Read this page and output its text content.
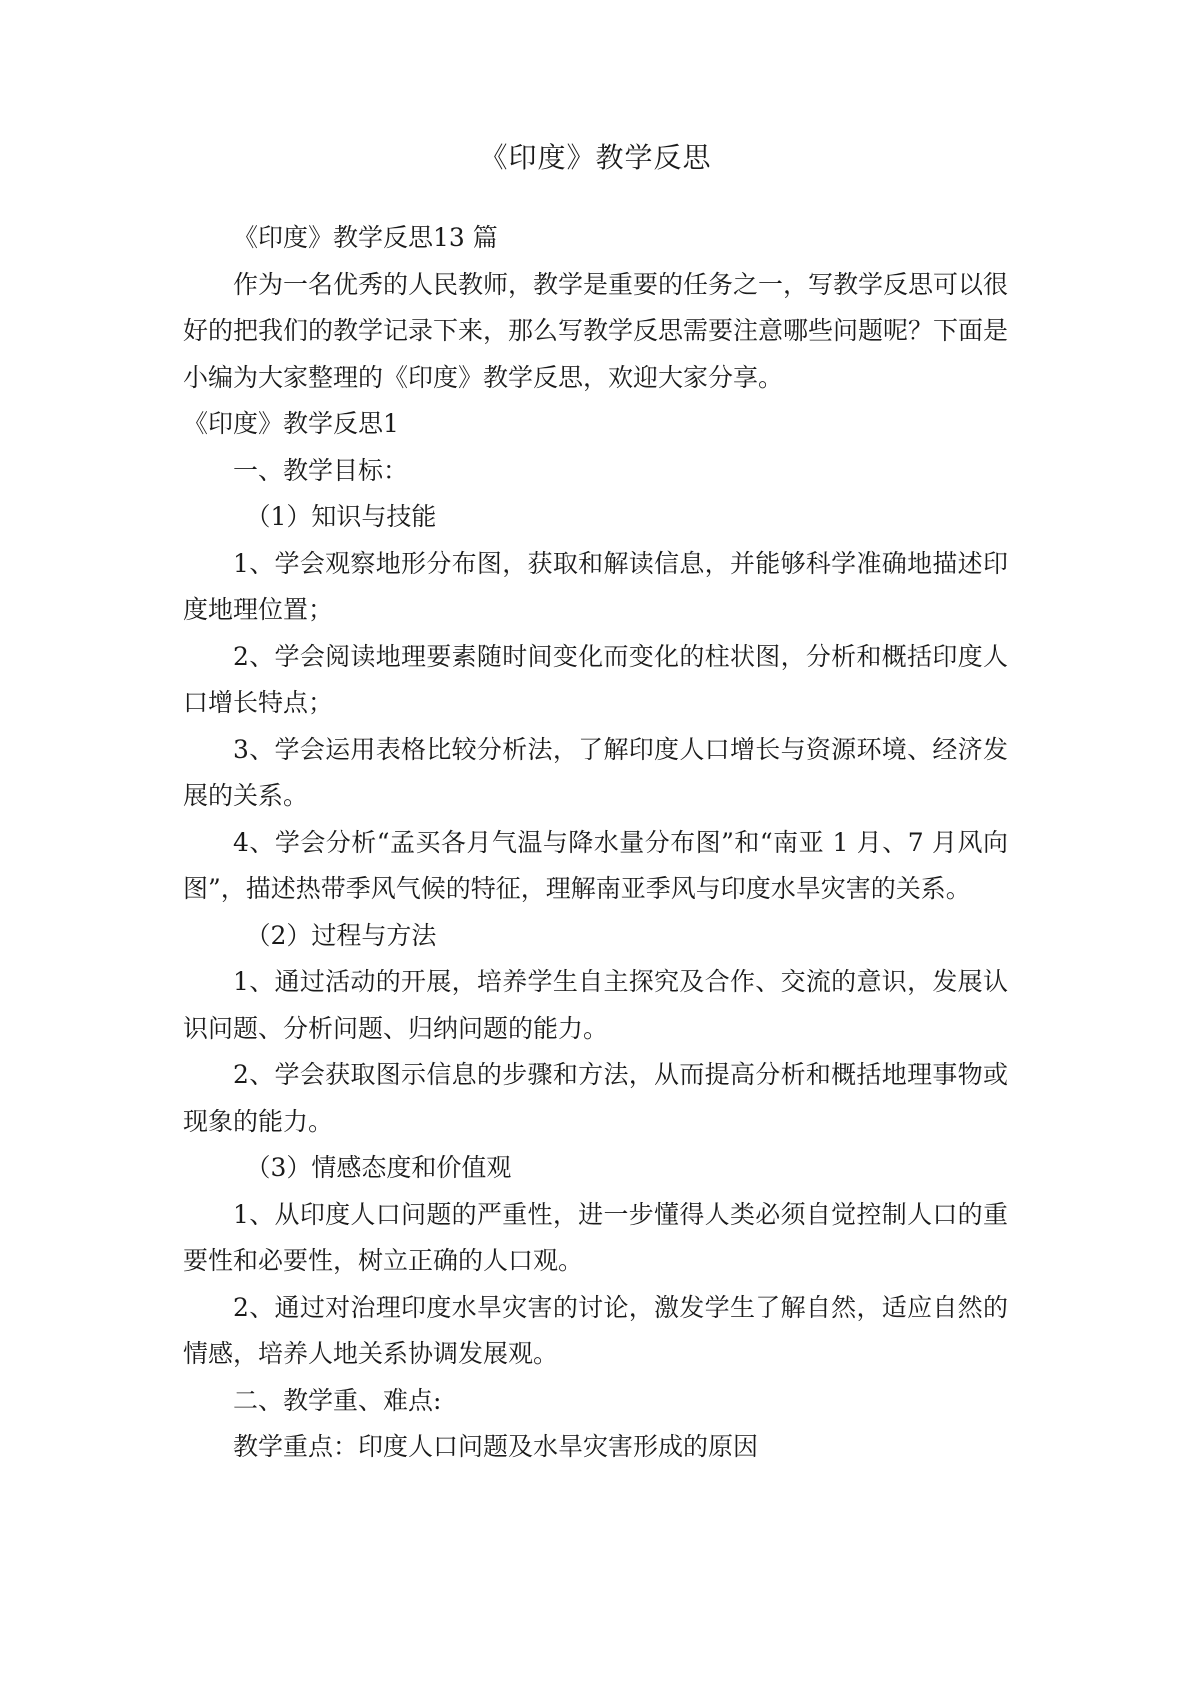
《印度》教学反思

《印度》教学反思13 篇

作为一名优秀的人民教师，教学是重要的任务之一，写教学反思可以很好的把我们的教学记录下来，那么写教学反思需要注意哪些问题呢？下面是小编为大家整理的《印度》教学反思，欢迎大家分享。

《印度》教学反思1

一、教学目标：

（1）知识与技能

1、学会观察地形分布图，获取和解读信息，并能够科学准确地描述印度地理位置；

2、学会阅读地理要素随时间变化而变化的柱状图，分析和概括印度人口增长特点；

3、学会运用表格比较分析法，了解印度人口增长与资源环境、经济发展的关系。

4、学会分析“孟买各月气温与降水量分布图”和“南亚 1 月、7 月风向图”，描述热带季风气候的特征，理解南亚季风与印度水旱灾害的关系。

（2）过程与方法

1、通过活动的开展，培养学生自主探究及合作、交流的意识，发展认识问题、分析问题、归纳问题的能力。

2、学会获取图示信息的步骤和方法，从而提高分析和概括地理事物或现象的能力。

（3）情感态度和价值观

1、从印度人口问题的严重性，进一步懂得人类必须自觉控制人口的重要性和必要性，树立正确的人口观。

2、通过对治理印度水旱灾害的讨论，激发学生了解自然，适应自然的情感，培养人地关系协调发展观。

二、教学重、难点:

教学重点：印度人口问题及水旱灾害形成的原因
